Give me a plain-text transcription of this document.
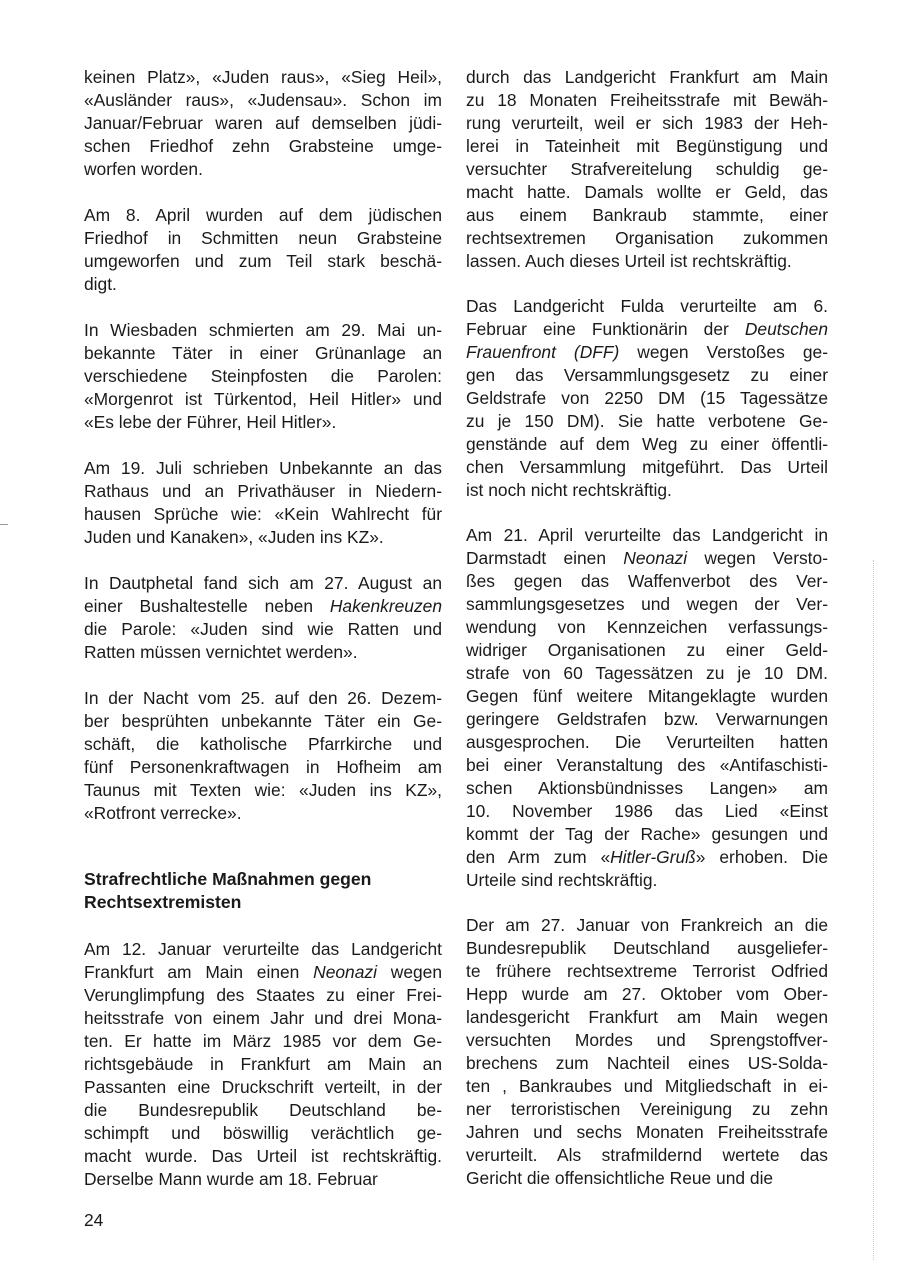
keinen Platz», «Juden raus», «Sieg Heil»,
«Ausländer raus», «Judensau». Schon im
Januar/Februar waren auf demselben jüdi-
schen Friedhof zehn Grabsteine umge-
worfen worden.

Am 8. April wurden auf dem jüdischen
Friedhof in Schmitten neun Grabsteine
umgeworfen und zum Teil stark beschä-
digt.

In Wiesbaden schmierten am 29. Mai un-
bekannte Täter in einer Grünanlage an
verschiedene Steinpfosten die Parolen:
«Morgenrot ist Türkentod, Heil Hitler» und
«Es lebe der Führer, Heil Hitler».

Am 19. Juli schrieben Unbekannte an das
Rathaus und an Privathäuser in Niedern-
hausen Sprüche wie: «Kein Wahlrecht für
Juden und Kanaken», «Juden ins KZ».

In Dautphetal fand sich am 27. August an
einer Bushaltestelle neben Hakenkreuzen
die Parole: «Juden sind wie Ratten und
Ratten müssen vernichtet werden».

In der Nacht vom 25. auf den 26. Dezem-
ber besprühten unbekannte Täter ein Ge-
schäft, die katholische Pfarrkirche und
fünf Personenkraftwagen in Hofheim am
Taunus mit Texten wie: «Juden ins KZ»,
«Rotfront verrecke».

Strafrechtliche Maßnahmen gegen
Rechtsextremisten

Am 12. Januar verurteilte das Landgericht
Frankfurt am Main einen Neonazi wegen
Verunglimpfung des Staates zu einer Frei-
heitsstrafe von einem Jahr und drei Mona-
ten. Er hatte im März 1985 vor dem Ge-
richtsgebäude in Frankfurt am Main an
Passanten eine Druckschrift verteilt, in der
die Bundesrepublik Deutschland be-
schimpft und böswillig verächtlich ge-
macht wurde. Das Urteil ist rechtskräftig.
Derselbe Mann wurde am 18. Februar

durch das Landgericht Frankfurt am Main
zu 18 Monaten Freiheitsstrafe mit Bewäh-
rung verurteilt, weil er sich 1983 der Heh-
lerei in Tateinheit mit Begünstigung und
versuchter Strafvereitelung schuldig ge-
macht hatte. Damals wollte er Geld, das
aus einem Bankraub stammte, einer
rechtsextremen Organisation zukommen
lassen. Auch dieses Urteil ist rechtskräftig.

Das Landgericht Fulda verurteilte am 6.
Februar eine Funktionärin der Deutschen
Frauenfront (DFF) wegen Verstoßes ge-
gen das Versammlungsgesetz zu einer
Geldstrafe von 2250 DM (15 Tagessätze
zu je 150 DM). Sie hatte verbotene Ge-
genstände auf dem Weg zu einer öffentli-
chen Versammlung mitgeführt. Das Urteil
ist noch nicht rechtskräftig.

Am 21. April verurteilte das Landgericht in
Darmstadt einen Neonazi wegen Versto-
ßes gegen das Waffenverbot des Ver-
sammlungsgesetzes und wegen der Ver-
wendung von Kennzeichen verfassungs-
widriger Organisationen zu einer Geld-
strafe von 60 Tagessätzen zu je 10 DM.
Gegen fünf weitere Mitangeklagte wurden
geringere Geldstrafen bzw. Verwarnungen
ausgesprochen. Die Verurteilten hatten
bei einer Veranstaltung des «Antifaschisti-
schen Aktionsbündnisses Langen» am
10. November 1986 das Lied «Einst
kommt der Tag der Rache» gesungen und
den Arm zum «Hitler-Gruß» erhoben. Die
Urteile sind rechtskräftig.

Der am 27. Januar von Frankreich an die
Bundesrepublik Deutschland ausgeliefer-
te frühere rechtsextreme Terrorist Odfried
Hepp wurde am 27. Oktober vom Ober-
landesgericht Frankfurt am Main wegen
versuchten Mordes und Sprengstoffver-
brechens zum Nachteil eines US-Solda-
ten , Bankraubes und Mitgliedschaft in ei-
ner terroristischen Vereinigung zu zehn
Jahren und sechs Monaten Freiheitsstrafe
verurteilt. Als strafmildernd wertete das
Gericht die offensichtliche Reue und die

24
